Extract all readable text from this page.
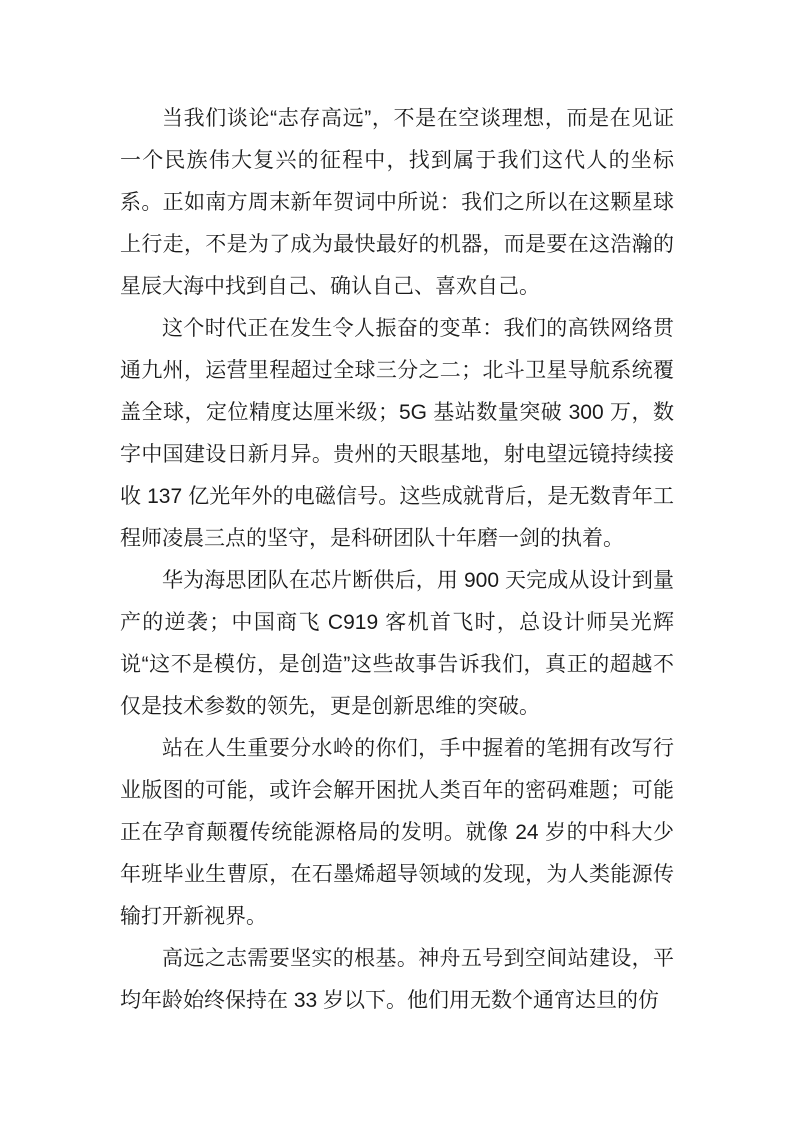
当我们谈论“志存高远”，不是在空谈理想，而是在见证一个民族伟大复兴的征程中，找到属于我们这代人的坐标系。正如南方周末新年贺词中所说：我们之所以在这颗星球上行走，不是为了成为最快最好的机器，而是要在这浩瀚的星辰大海中找到自己、确认自己、喜欢自己。

这个时代正在发生令人振奋的变革：我们的高铁网络贯通九州，运营里程超过全球三分之二；北斗卫星导航系统覆盖全球，定位精度达厘米级；5G 基站数量突破 300 万，数字中国建设日新月异。贵州的天眼基地，射电望远镜持续接收 137 亿光年外的电磁信号。这些成就背后，是无数青年工程师凌晨三点的坚守，是科研团队十年磨一剑的执着。

华为海思团队在芯片断供后，用 900 天完成从设计到量产的逆袭；中国商飞 C919 客机首飞时，总设计师吴光辉说“这不是模仿，是创造”这些故事告诉我们，真正的超越不仅是技术参数的领先，更是创新思维的突破。

站在人生重要分水岭的你们，手中握着的笔拥有改写行业版图的可能，或许会解开困扰人类百年的密码难题；可能正在孕育颠覆传统能源格局的发明。就像 24 岁的中科大少年班毕业生曹原，在石墨烯超导领域的发现，为人类能源传输打开新视界。

高远之志需要坚实的根基。神舟五号到空间站建设，平均年龄始终保持在 33 岁以下。他们用无数个通宵达旦的仿
